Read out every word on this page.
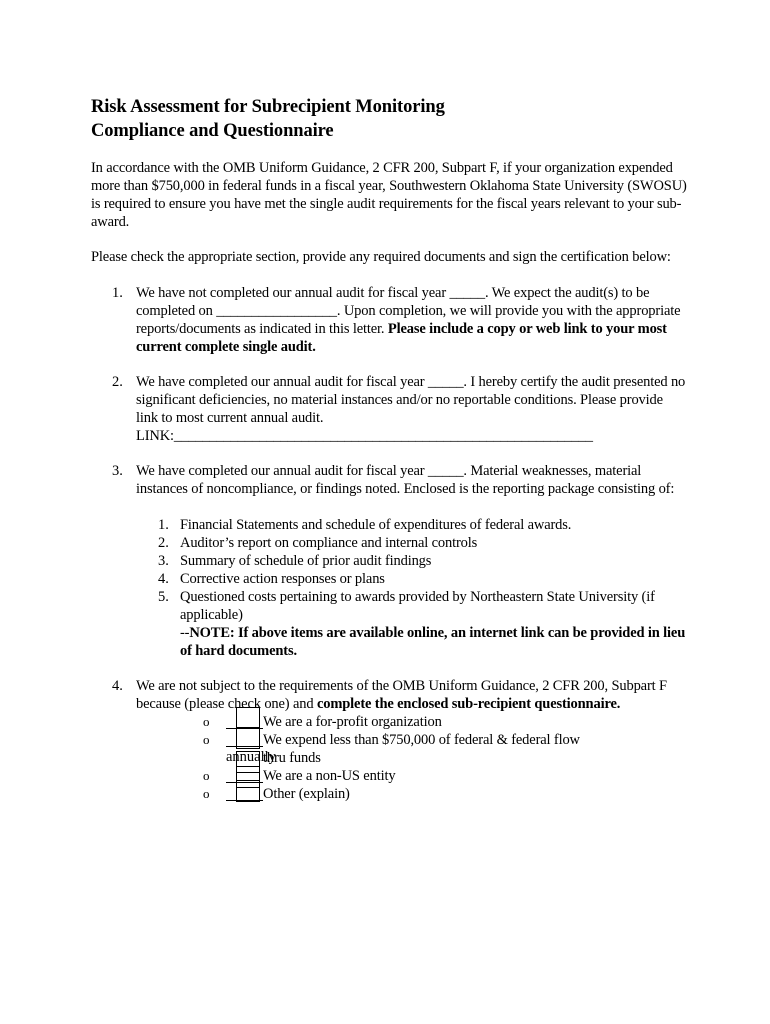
Risk Assessment for Subrecipient Monitoring
Compliance and Questionnaire
In accordance with the OMB Uniform Guidance, 2 CFR 200, Subpart F, if your organization expended
more than $750,000 in federal funds in a fiscal year, Southwestern Oklahoma State University (SWOSU)
is required to ensure you have met the single audit requirements for the fiscal years relevant to your sub-
award.
Please check the appropriate section, provide any required documents and sign the certification below:
1. We have not completed our annual audit for fiscal year _____. We expect the audit(s) to be
completed on _________________. Upon completion, we will provide you with the appropriate
reports/documents as indicated in this letter. Please include a copy or web link to your most
current complete single audit.
2. We have completed our annual audit for fiscal year _____. I hereby certify the audit presented no
significant deficiencies, no material instances and/or no reportable conditions. Please provide
link to most current annual audit.
LINK:___________________________________________________________
3. We have completed our annual audit for fiscal year _____. Material weaknesses, material
instances of noncompliance, or findings noted. Enclosed is the reporting package consisting of:
1. Financial Statements and schedule of expenditures of federal awards.
2. Auditor’s report on compliance and internal controls
3. Summary of schedule of prior audit findings
4. Corrective action responses or plans
5. Questioned costs pertaining to awards provided by Northeastern State University (if
applicable)
--NOTE: If above items are available online, an internet link can be provided in lieu
of hard documents.
4. We are not subject to the requirements of the OMB Uniform Guidance, 2 CFR 200, Subpart F
because (please check one) and complete the enclosed sub-recipient questionnaire.
o	We are a for-profit organization
o	We expend less than $750,000 of federal & federal flow thru funds
annually
o	We are a non-US entity
o	Other (explain)
